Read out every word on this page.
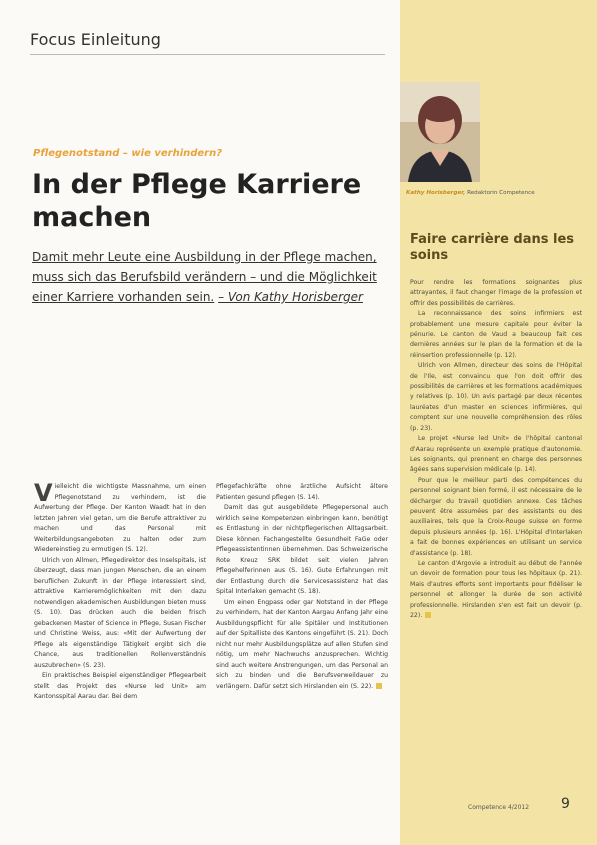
Focus Einleitung
Pflegenotstand – wie verhindern?
In der Pflege Karriere machen
Damit mehr Leute eine Ausbildung in der Pflege machen, muss sich das Berufsbild verändern – und die Möglichkeit einer Karriere vorhanden sein. – Von Kathy Horisberger

Vielleicht die wichtigste Massnahme, um einen Pflegenotstand zu verhindern, ist die Aufwertung der Pflege. Der Kanton Waadt hat in den letzten Jahren viel getan, um die Berufe attraktiver zu machen und das Personal mit Weiterbildungsangeboten zu halten oder zum Wiedereinstieg zu ermutigen (S. 12).

Ulrich von Allmen, Pflegedirektor des Inselspitals, ist überzeugt, dass man jungen Menschen, die an einem beruflichen Zukunft in der Pflege interessiert sind, attraktive Karrieremöglichkeiten mit den dazu notwendigen akademischen Ausbildungen bieten muss (S. 10). Das drücken auch die beiden frisch gebackenen Master of Science in Pflege, Susan Fischer und Christine Weiss, aus: «Mit der Aufwertung der Pflege als eigenständige Tätigkeit ergibt sich die Chance, aus traditionellen Rollenverständnis auszubrechen» (S. 23).

Ein praktisches Beispiel eigenständiger Pflegearbeit stellt das Projekt des «Nurse led Unit» am Kantonsspital Aarau dar. Bei dem

Pflegefachkräfte ohne ärztliche Aufsicht ältere Patienten gesund pflegen (S. 14).

Damit das gut ausgebildete Pflegepersonal auch wirklich seine Kompetenzen einbringen kann, benötigt es Entlastung in der nichtpflegerischen Alltagsarbeit. Diese können Fachangestellte Gesundheit FaGe oder Pflegeassistentinnen übernehmen. Das Schweizerische Rote Kreuz SRK bildet seit vielen Jahren Pflegehelferinnen aus (S. 16). Gute Erfahrungen mit der Entlastung durch die Servicesassistenz hat das Spital Interlaken gemacht (S. 18).

Um einen Engpass oder gar Notstand in der Pflege zu verhindern, hat der Kanton Aargau Anfang Jahr eine Ausbildungspflicht für alle Spitäler und Institutionen auf der Spitalliste des Kantons eingeführt (S. 21). Doch nicht nur mehr Ausbildungsplätze auf allen Stufen sind nötig, um mehr Nachwuchs anzusprechen. Wichtig sind auch weitere Anstrengungen, um das Personal an sich zu binden und die Berufsverweildauer zu verlängern. Dafür setzt sich Hirslanden ein (S. 22).

Kathy Horisberger, Redaktorin Competence
Faire carrière dans les soins

Pour rendre les formations soignantes plus attrayantes, il faut changer l'image de la profession et offrir des possibilités de carrières.

La reconnaissance des soins infirmiers est probablement une mesure capitale pour éviter la pénurie. Le canton de Vaud a beaucoup fait ces dernières années sur le plan de la formation et de la réinsertion professionnelle (p. 12).

Ulrich von Allmen, directeur des soins de l'Hôpital de l'Ile, est convaincu que l'on doit offrir des possibilités de carrières et les formations académiques y relatives (p. 10). Un avis partagé par deux récentes lauréates d'un master en sciences infirmières, qui comptent sur une nouvelle compréhension des rôles (p. 23).

Le projet «Nurse led Unit» de l'hôpital cantonal d'Aarau représente un exemple pratique d'autonomie. Les soignants, qui prennent en charge des personnes âgées sans supervision médicale (p. 14).

Pour que le meilleur parti des compétences du personnel soignant bien formé, il est nécessaire de le décharger du travail quotidien annexe. Ces tâches peuvent être assumées par des assistants ou des auxiliaires, tels que la Croix-Rouge suisse en forme depuis plusieurs années (p. 16). L'Hôpital d'Interlaken a fait de bonnes expériences en utilisant un service d'assistance (p. 18).

Le canton d'Argovie a introduit au début de l'année un devoir de formation pour tous les hôpitaux (p. 21). Mais d'autres efforts sont importants pour fidéliser le personnel et allonger la durée de son activité professionnelle. Hirslanden s'en est fait un devoir (p. 22).

Competence 4/2012 9
